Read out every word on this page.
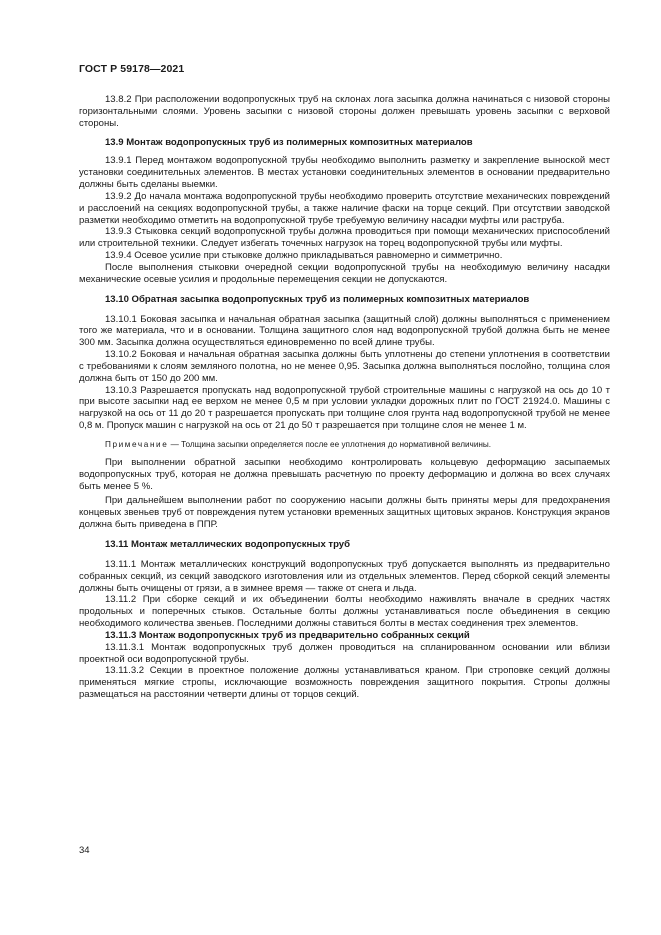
ГОСТ Р 59178—2021

13.8.2 При расположении водопропускных труб на склонах лога засыпка должна начинаться с низовой стороны горизонтальными слоями. Уровень засыпки с низовой стороны должен превышать уровень засыпки с верховой стороны.

13.9 Монтаж водопропускных труб из полимерных композитных материалов

13.9.1 Перед монтажом водопропускной трубы необходимо выполнить разметку и закрепление выноской мест установки соединительных элементов. В местах установки соединительных элементов в основании предварительно должны быть сделаны выемки.

13.9.2 До начала монтажа водопропускной трубы необходимо проверить отсутствие механических повреждений и расслоений на секциях водопропускной трубы, а также наличие фаски на торце секций. При отсутствии заводской разметки необходимо отметить на водопропускной трубе требуемую величину насадки муфты или раструба.

13.9.3 Стыковка секций водопропускной трубы должна проводиться при помощи механических приспособлений или строительной техники. Следует избегать точечных нагрузок на торец водопропускной трубы или муфты.

13.9.4 Осевое усилие при стыковке должно прикладываться равномерно и симметрично.

После выполнения стыковки очередной секции водопропускной трубы на необходимую величину насадки механические осевые усилия и продольные перемещения секции не допускаются.

13.10 Обратная засыпка водопропускных труб из полимерных композитных материалов

13.10.1 Боковая засыпка и начальная обратная засыпка (защитный слой) должны выполняться с применением того же материала, что и в основании. Толщина защитного слоя над водопропускной трубой должна быть не менее 300 мм. Засыпка должна осуществляться единовременно по всей длине трубы.

13.10.2 Боковая и начальная обратная засыпка должны быть уплотнены до степени уплотнения в соответствии с требованиями к слоям земляного полотна, но не менее 0,95. Засыпка должна выполняться послойно, толщина слоя должна быть от 150 до 200 мм.

13.10.3 Разрешается пропускать над водопропускной трубой строительные машины с нагрузкой на ось до 10 т при высоте засыпки над ее верхом не менее 0,5 м при условии укладки дорожных плит по ГОСТ 21924.0. Машины с нагрузкой на ось от 11 до 20 т разрешается пропускать при толщине слоя грунта над водопропускной трубой не менее 0,8 м. Пропуск машин с нагрузкой на ось от 21 до 50 т разрешается при толщине слоя не менее 1 м.

Примечание — Толщина засыпки определяется после ее уплотнения до нормативной величины.

При выполнении обратной засыпки необходимо контролировать кольцевую деформацию засыпаемых водопропускных труб, которая не должна превышать расчетную по проекту деформацию и должна во всех случаях быть менее 5 %.

При дальнейшем выполнении работ по сооружению насыпи должны быть приняты меры для предохранения концевых звеньев труб от повреждения путем установки временных защитных щитовых экранов. Конструкция экранов должна быть приведена в ППР.

13.11 Монтаж металлических водопропускных труб

13.11.1 Монтаж металлических конструкций водопропускных труб допускается выполнять из предварительно собранных секций, из секций заводского изготовления или из отдельных элементов. Перед сборкой секций элементы должны быть очищены от грязи, а в зимнее время — также от снега и льда.

13.11.2 При сборке секций и их объединении болты необходимо наживлять вначале в средних частях продольных и поперечных стыков. Остальные болты должны устанавливаться после объединения в секцию необходимого количества звеньев. Последними должны ставиться болты в местах соединения трех элементов.

13.11.3 Монтаж водопропускных труб из предварительно собранных секций

13.11.3.1 Монтаж водопропускных труб должен проводиться на спланированном основании или вблизи проектной оси водопропускной трубы.

13.11.3.2 Секции в проектное положение должны устанавливаться краном. При строповке секций должны применяться мягкие стропы, исключающие возможность повреждения защитного покрытия. Стропы должны размещаться на расстоянии четверти длины от торцов секций.

34
